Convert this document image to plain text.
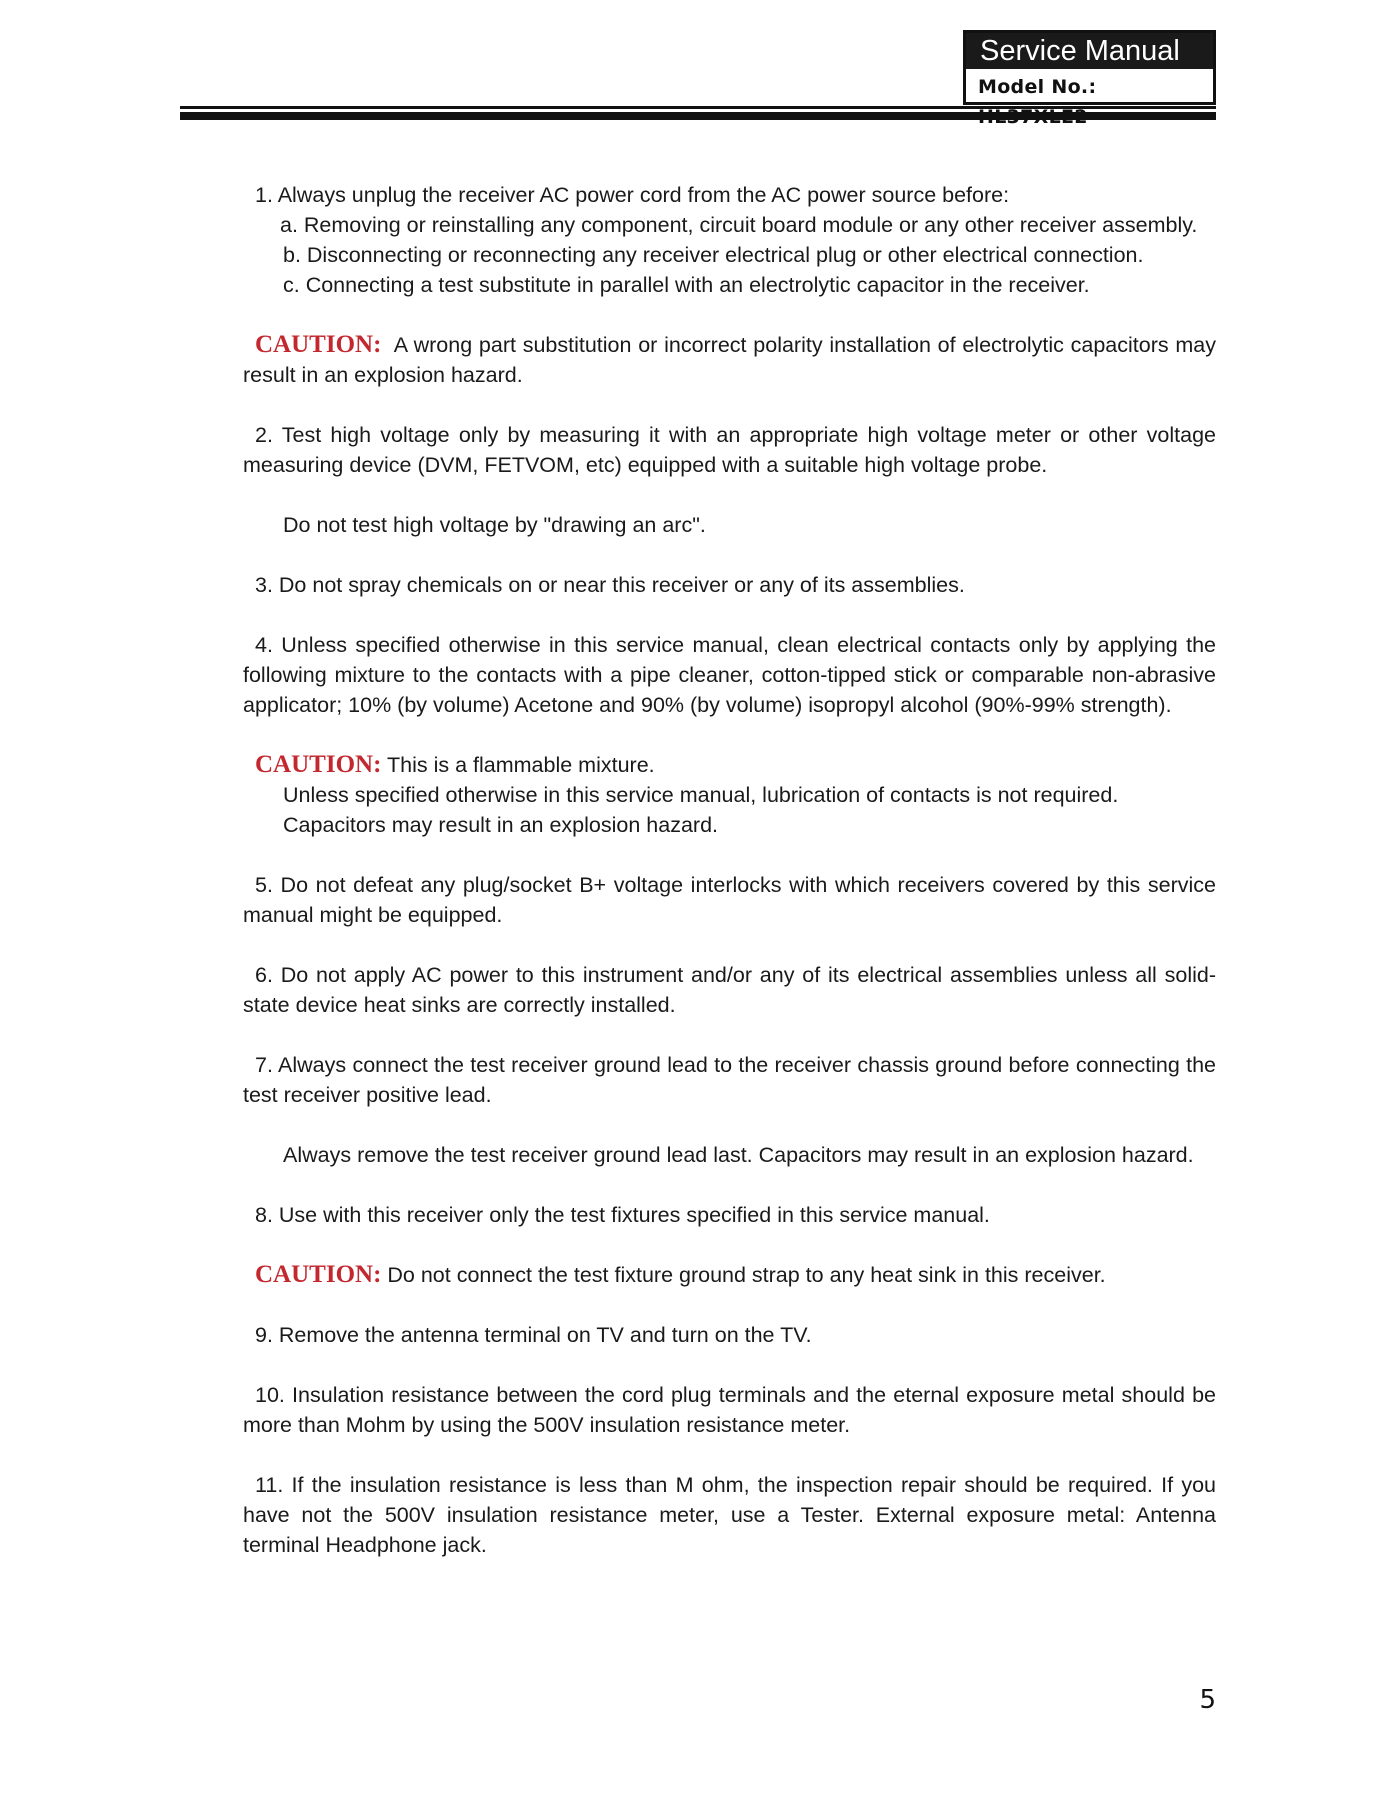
Service Manual
Model No.:

1. Always unplug the receiver AC power cord from the AC power source before:

a. Removing or reinstalling any component, circuit board module or any other receiver assembly.

b. Disconnecting or reconnecting any receiver electrical plug or other electrical connection.

c. Connecting a test substitute in parallel with an electrolytic capacitor in the receiver.

CAUTION: A wrong part substitution or incorrect polarity installation of electrolytic capacitors may result in an explosion hazard.

2. Test high voltage only by measuring it with an appropriate high voltage meter or other voltage measuring device (DVM, FETVOM, etc) equipped with a suitable high voltage probe.

Do not test high voltage by "drawing an arc".

3. Do not spray chemicals on or near this receiver or any of its assemblies.

4. Unless specified otherwise in this service manual, clean electrical contacts only by applying the following mixture to the contacts with a pipe cleaner, cotton-tipped stick or comparable non-abrasive applicator; 10% (by volume) Acetone and 90% (by volume) isopropyl alcohol (90%-99% strength).

CAUTION: This is a flammable mixture.

Unless specified otherwise in this service manual, lubrication of contacts is not required.

Capacitors may result in an explosion hazard.

5. Do not defeat any plug/socket B+ voltage interlocks with which receivers covered by this service manual might be equipped.

6. Do not apply AC power to this instrument and/or any of its electrical assemblies unless all solid-state device heat sinks are correctly installed.

7. Always connect the test receiver ground lead to the receiver chassis ground before connecting the test receiver positive lead.

Always remove the test receiver ground lead last. Capacitors may result in an explosion hazard.

8. Use with this receiver only the test fixtures specified in this service manual.

CAUTION: Do not connect the test fixture ground strap to any heat sink in this receiver.

9. Remove the antenna terminal on TV and turn on the TV.

10. Insulation resistance between the cord plug terminals and the eternal exposure metal should be more than Mohm by using the 500V insulation resistance meter.

11. If the insulation resistance is less than M ohm, the inspection repair should be required. If you have not the 500V insulation resistance meter, use a Tester. External exposure metal: Antenna terminal Headphone jack.

5
